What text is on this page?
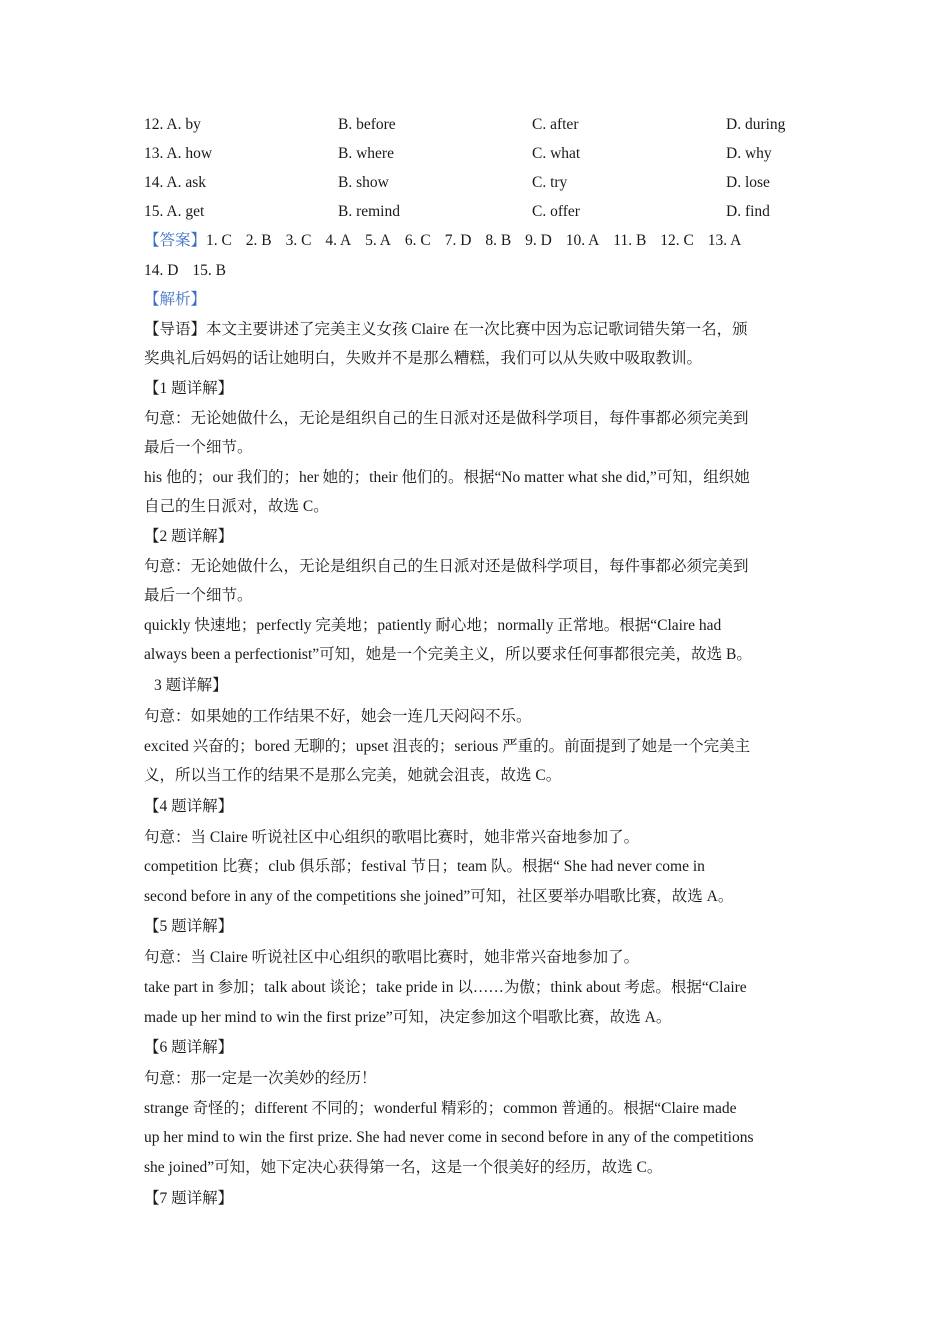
12. A. by	B. before	C. after	D. during
13. A. how	B. where	C. what	D. why
14. A. ask	B. show	C. try	D. lose
15. A. get	B. remind	C. offer	D. find
【答案】1. C 2. B 3. C 4. A 5. A 6. C 7. D 8. B 9. D 10. A 11. B 12. C 13. A
14. D 15. B
【解析】
【导语】本文主要讲述了完美主义女孩 Claire 在一次比赛中因为忘记歌词错失第一名，颁
奖典礼后妈妈的话让她明白，失败并不是那么糟糕，我们可以从失败中吸取教训。
【1 题详解】
句意：无论她做什么，无论是组织自己的生日派对还是做科学项目，每件事都必须完美到
最后一个细节。
his 他的；our 我们的；her 她的；their 他们的。根据“No matter what she did,”可知，组织她
自己的生日派对，故选 C。
【2 题详解】
句意：无论她做什么，无论是组织自己的生日派对还是做科学项目，每件事都必须完美到
最后一个细节。
quickly 快速地；perfectly 完美地；patiently 耐心地；normally 正常地。根据“Claire had
always been a perfectionist”可知，她是一个完美主义，所以要求任何事都很完美，故选 B。
3 题详解】
句意：如果她的工作结果不好，她会一连几天闷闷不乐。
excited 兴奋的；bored 无聊的；upset 沮丧的；serious 严重的。前面提到了她是一个完美主
义，所以当工作的结果不是那么完美，她就会沮丧，故选 C。
【4 题详解】
句意：当 Claire 听说社区中心组织的歌唱比赛时，她非常兴奋地参加了。
competition 比赛；club 俱乐部；festival 节日；team 队。根据“ She had never come in
second before in any of the competitions she joined”可知，社区要举办唱歌比赛，故选 A。
【5 题详解】
句意：当 Claire 听说社区中心组织的歌唱比赛时，她非常兴奋地参加了。
take part in 参加；talk about 谈论；take pride in 以……为傲；think about 考虑。根据“Claire
made up her mind to win the first prize”可知，决定参加这个唱歌比赛，故选 A。
【6 题详解】
句意：那一定是一次美妙的经历！
strange 奇怪的；different 不同的；wonderful 精彩的；common 普通的。根据“Claire made
up her mind to win the first prize. She had never come in second before in any of the competitions
she joined”可知，她下定决心获得第一名，这是一个很美好的经历，故选 C。
【7 题详解】
